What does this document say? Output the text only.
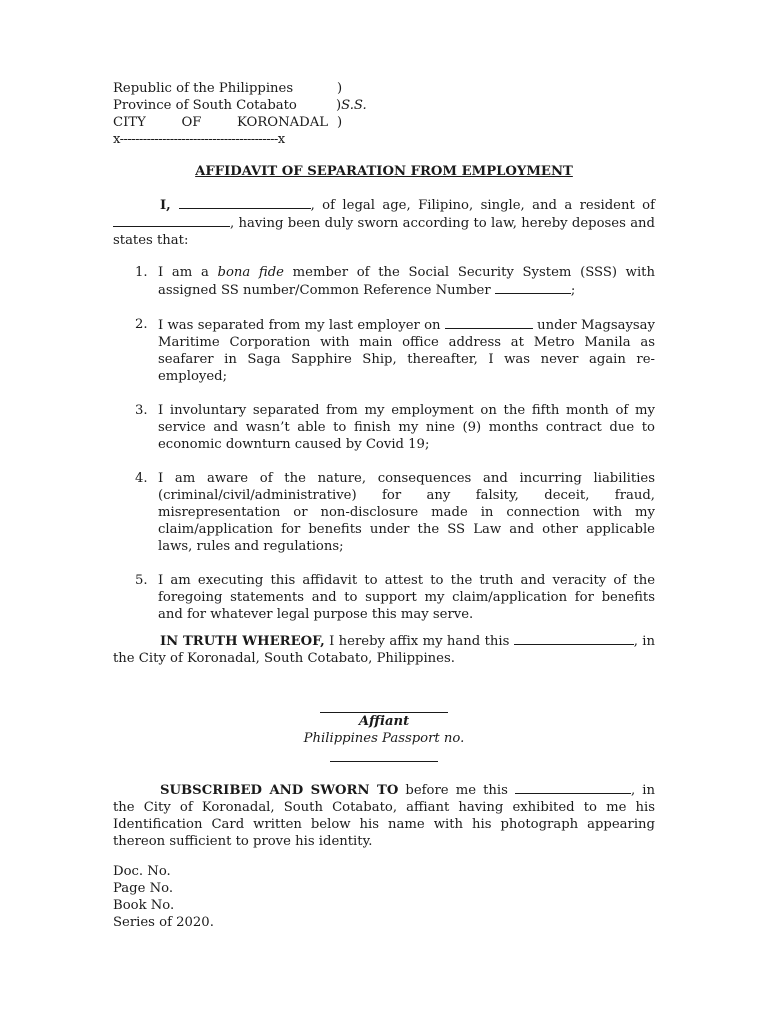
Republic of the Philippines	)
Province of South Cotabato	)S.S.
CITY	OF	KORONADAL )
x-----------------------------------------x
AFFIDAVIT OF SEPARATION FROM EMPLOYMENT
I,	, of legal age, Filipino, single, and a resident of , having been duly sworn according to law, hereby deposes and states that:
1. I am a bona fide member of the Social Security System (SSS) with assigned SS number/Common Reference Number	;
2. I was separated from my last employer on	under Magsaysay Maritime Corporation with main office address at Metro Manila as seafarer in Saga Sapphire Ship, thereafter, I was never again re-employed;
3. I involuntary separated from my employment on the fifth month of my service and wasn’t able to finish my nine (9) months contract due to economic downturn caused by Covid 19;
4. I am aware of the nature, consequences and incurring liabilities (criminal/civil/administrative) for any falsity, deceit, fraud, misrepresentation or non-disclosure made in connection with my claim/application for benefits under the SS Law and other applicable laws, rules and regulations;
5. I am executing this affidavit to attest to the truth and veracity of the foregoing statements and to support my claim/application for benefits and for whatever legal purpose this may serve.
IN TRUTH WHEREOF, I hereby affix my hand this	, in the City of Koronadal, South Cotabato, Philippines.
Affiant
Philippines Passport no.
SUBSCRIBED AND SWORN TO before me this	, in the City of Koronadal, South Cotabato, affiant having exhibited to me his Identification Card written below his name with his photograph appearing thereon sufficient to prove his identity.
Doc. No.
Page No.
Book No.
Series of 2020.
